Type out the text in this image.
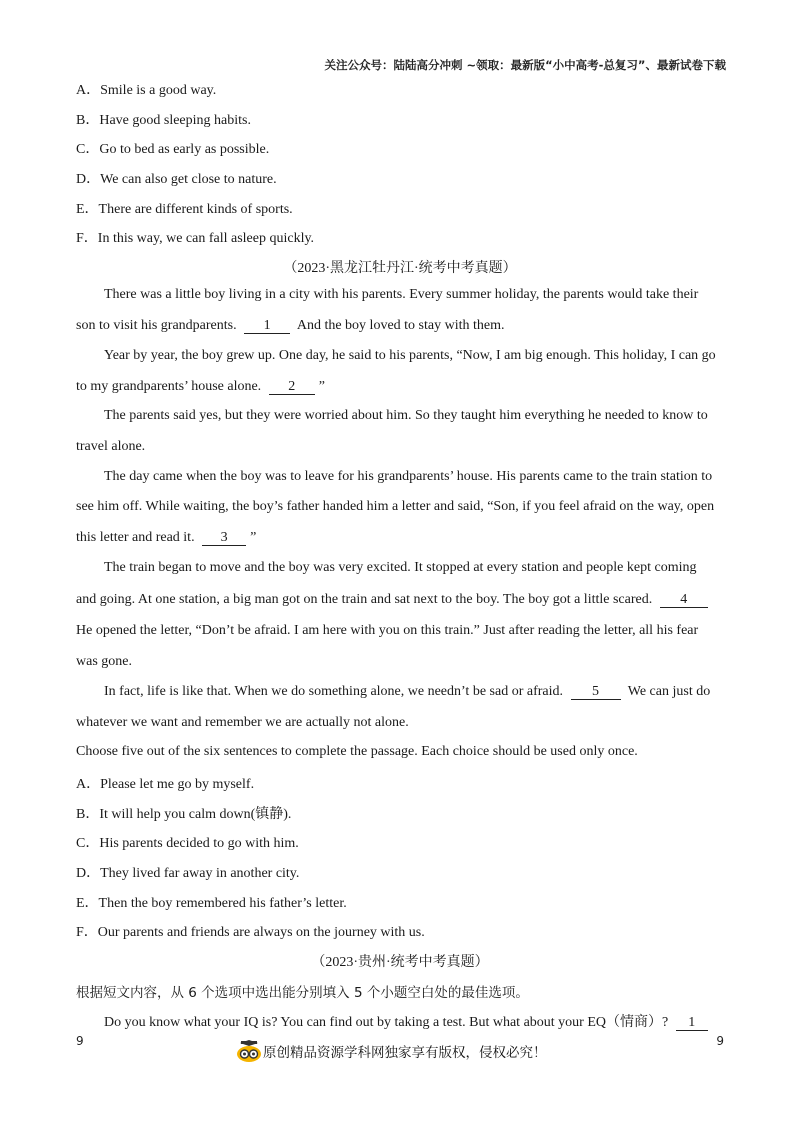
关注公众号：陆陆高分冲刺 ~领取：最新版“小中高考-总复习”、最新试卷下载
A．Smile is a good way.
B．Have good sleeping habits.
C．Go to bed as early as possible.
D．We can also get close to nature.
E．There are different kinds of sports.
F．In this way, we can fall asleep quickly.
（2023·黑龙江牡丹江·统考中考真题）
There was a little boy living in a city with his parents. Every summer holiday, the parents would take their
son to visit his grandparents. 1 And the boy loved to stay with them.
Year by year, the boy grew up. One day, he said to his parents, “Now, I am big enough. This holiday, I can go
to my grandparents’ house alone. 2 ”
The parents said yes, but they were worried about him. So they taught him everything he needed to know to
travel alone.
The day came when the boy was to leave for his grandparents’ house. His parents came to the train station to
see him off. While waiting, the boy’s father handed him a letter and said, “Son, if you feel afraid on the way, open
this letter and read it. 3 ”
The train began to move and the boy was very excited. It stopped at every station and people kept coming
and going. At one station, a big man got on the train and sat next to the boy. The boy got a little scared. 4
He opened the letter, “Don’t be afraid. I am here with you on this train.” Just after reading the letter, all his fear
was gone.
In fact, life is like that. When we do something alone, we needn’t be sad or afraid. 5 We can just do
whatever we want and remember we are actually not alone.
Choose five out of the six sentences to complete the passage. Each choice should be used only once.
A．Please let me go by myself.
B．It will help you calm down(镇静).
C．His parents decided to go with him.
D．They lived far away in another city.
E．Then the boy remembered his father’s letter.
F．Our parents and friends are always on the journey with us.
（2023·贵州·统考中考真题）
根据短文内容，从 6 个选项中选出能分别填入 5 个小题空白处的最佳选项。
Do you know what your IQ is? You can find out by taking a test. But what about your EQ（情商）? 1
9	9
原创精品资源学科网独家享有版权，侵权必究！
